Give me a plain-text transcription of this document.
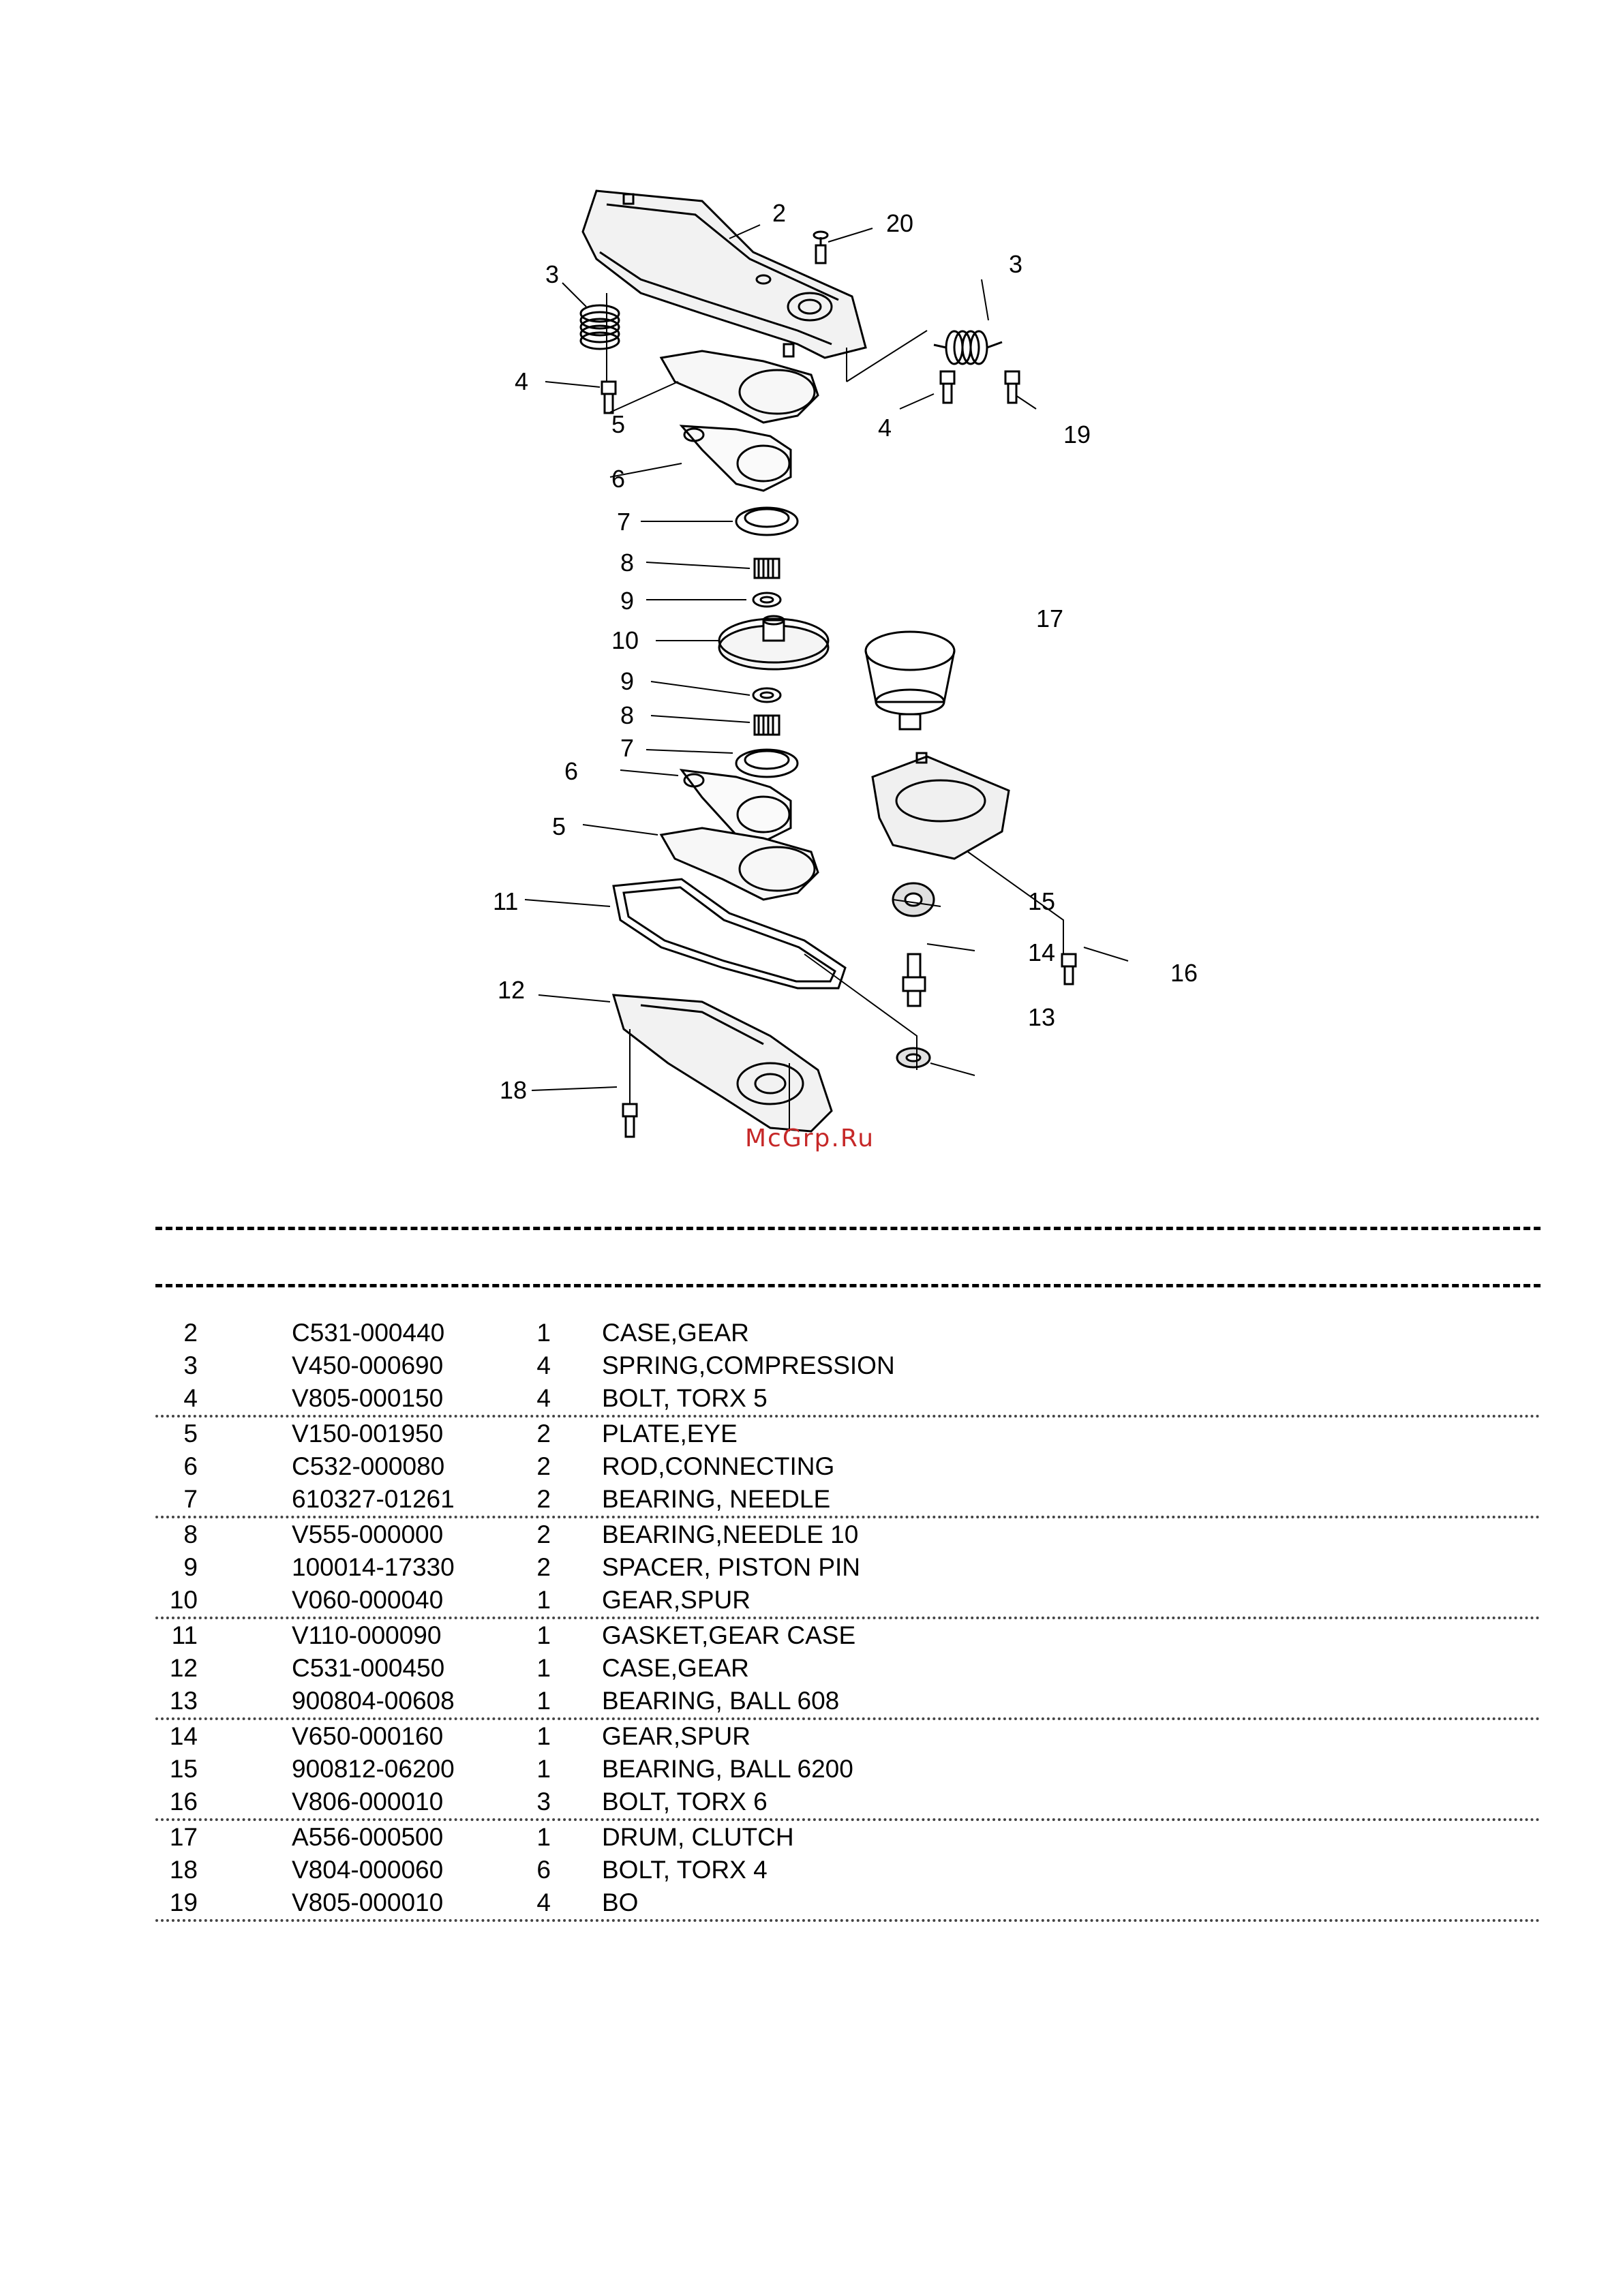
2	20
3	3
4
4	19
5
6
7
8
9
10
17
9
8
7
6
5
15
11
14
16
12
13
18
McGrp.Ru
2	C531-000440	1 CASE,GEAR
3	V450-000690	4 SPRING,COMPRESSION
4	V805-000150	4 BOLT, TORX 5
5	V150-001950	2 PLATE,EYE
6	C532-000080	2 ROD,CONNECTING
7	610327-01261	2 BEARING, NEEDLE
8	V555-000000	2 BEARING,NEEDLE 10
9	100014-17330	2 SPACER, PISTON PIN
10	V060-000040	1 GEAR,SPUR
11	V110-000090	1 GASKET,GEAR CASE
12	C531-000450	1 CASE,GEAR
13	900804-00608	1 BEARING, BALL 608
14	V650-000160	1 GEAR,SPUR
15	900812-06200	1 BEARING, BALL 6200
16	V806-000010	3 BOLT, TORX 6
17	A556-000500	1 DRUM, CLUTCH
18	V804-000060	6 BOLT, TORX 4
19	V805-000010	4 BO
